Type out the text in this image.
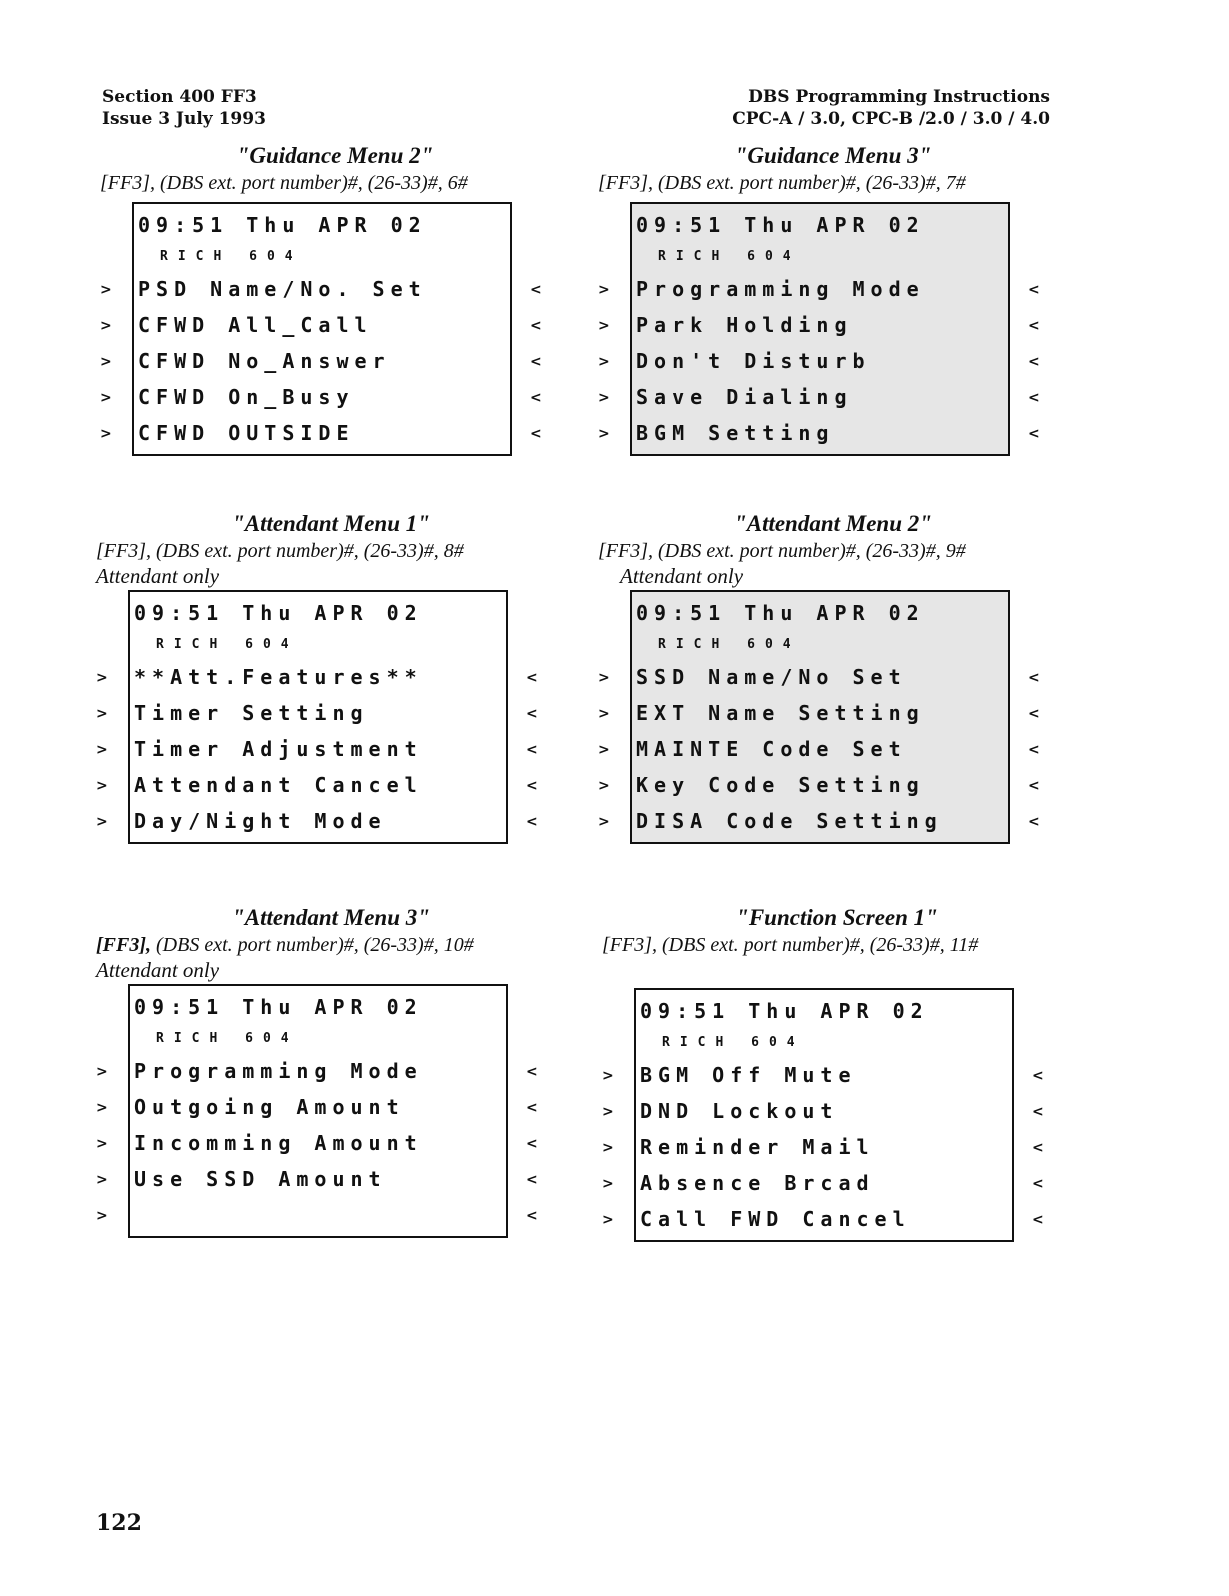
Section 400 FF3
Issue 3 July 1993
DBS Programming Instructions
CPC-A / 3.0, CPC-B /2.0 / 3.0 / 4.0
"Guidance Menu 2"
[FF3], (DBS ext. port number)#, (26-33)#, 6#
09:51 Thu APR 02
RICH 604
PSD Name/No. Set
CFWD All_Call
CFWD No_Answer
CFWD On_Busy
CFWD OUTSIDE
>
>
>
>
>
<
<
<
<
<
"Guidance Menu 3"
[FF3], (DBS ext. port number)#, (26-33)#, 7#
09:51 Thu APR 02
RICH 604
Programming Mode
Park Holding
Don't Disturb
Save Dialing
BGM Setting
>
>
>
>
>
<
<
<
<
<
"Attendant Menu 1"
[FF3], (DBS ext. port number)#, (26-33)#, 8#
Attendant only
09:51 Thu APR 02
RICH 604
**Att.Features**
Timer Setting
Timer Adjustment
Attendant Cancel
Day/Night Mode
>
>
>
>
>
<
<
<
<
<
"Attendant Menu 2"
[FF3], (DBS ext. port number)#, (26-33)#, 9#
Attendant only
09:51 Thu APR 02
RICH 604
SSD Name/No Set
EXT Name Setting
MAINTE Code Set
Key Code Setting
DISA Code Setting
>
>
>
>
>
<
<
<
<
<
"Attendant Menu 3"
[FF3], (DBS ext. port number)#, (26-33)#, 10#
Attendant only
09:51 Thu APR 02
RICH 604
Programming Mode
Outgoing Amount
Incomming Amount
Use SSD Amount
>
>
>
>
>
<
<
<
<
<
"Function Screen 1"
[FF3], (DBS ext. port number)#, (26-33)#, 11#
09:51 Thu APR 02
RICH 604
BGM Off Mute
DND Lockout
Reminder Mail
Absence Brcad
Call FWD Cancel
>
>
>
>
>
<
<
<
<
<
122
